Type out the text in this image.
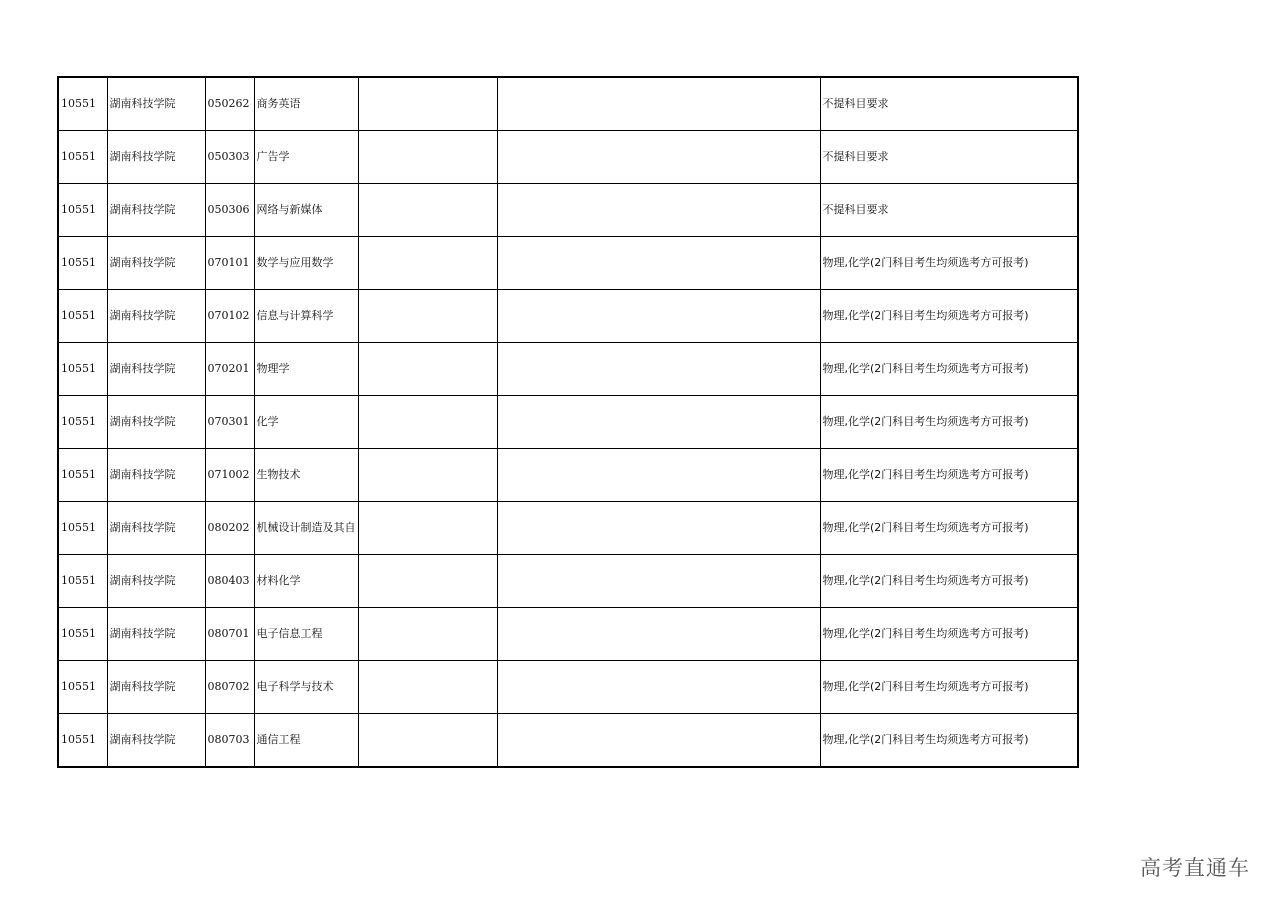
10551	湖南科技学院	050262	商务英语			不提科目要求
10551	湖南科技学院	050303	广告学			不提科目要求
10551	湖南科技学院	050306	网络与新媒体			不提科目要求
10551	湖南科技学院	070101	数学与应用数学			物理,化学(2门科目考生均须选考方可报考)
10551	湖南科技学院	070102	信息与计算科学			物理,化学(2门科目考生均须选考方可报考)
10551	湖南科技学院	070201	物理学			物理,化学(2门科目考生均须选考方可报考)
10551	湖南科技学院	070301	化学			物理,化学(2门科目考生均须选考方可报考)
10551	湖南科技学院	071002	生物技术			物理,化学(2门科目考生均须选考方可报考)
10551	湖南科技学院	080202	机械设计制造及其自			物理,化学(2门科目考生均须选考方可报考)
10551	湖南科技学院	080403	材料化学			物理,化学(2门科目考生均须选考方可报考)
10551	湖南科技学院	080701	电子信息工程			物理,化学(2门科目考生均须选考方可报考)
10551	湖南科技学院	080702	电子科学与技术			物理,化学(2门科目考生均须选考方可报考)
10551	湖南科技学院	080703	通信工程			物理,化学(2门科目考生均须选考方可报考)
高考直通车
